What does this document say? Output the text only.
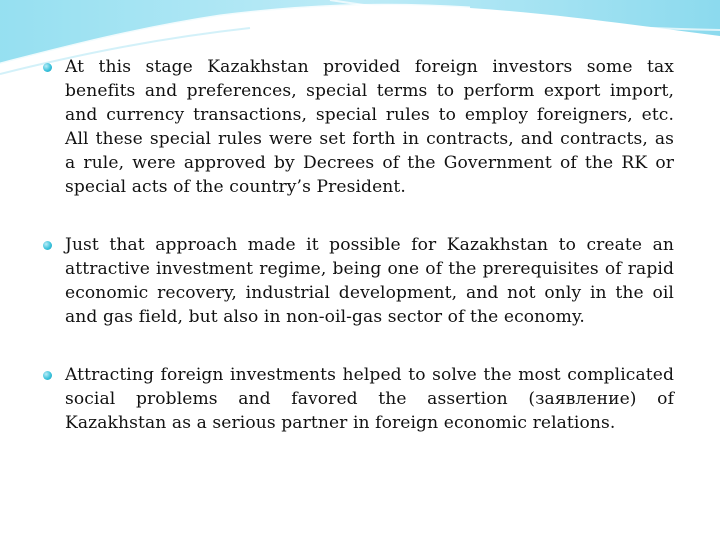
At this stage Kazakhstan provided foreign investors some tax benefits and preferences, special terms to perform export import, and currency transactions, special rules to employ foreigners, etc. All these special rules were set forth in contracts, and contracts, as a rule, were approved by Decrees of the Government of the RK or special acts of the country’s President.
Just that approach made it possible for Kazakhstan to create an attractive investment regime, being one of the prerequisites of rapid economic recovery, industrial development, and not only in the oil and gas field, but also in non-oil-gas sector of the economy.
Attracting foreign investments helped to solve the most complicated social problems and favored the assertion (заявление) of Kazakhstan as a serious partner in foreign economic relations.
